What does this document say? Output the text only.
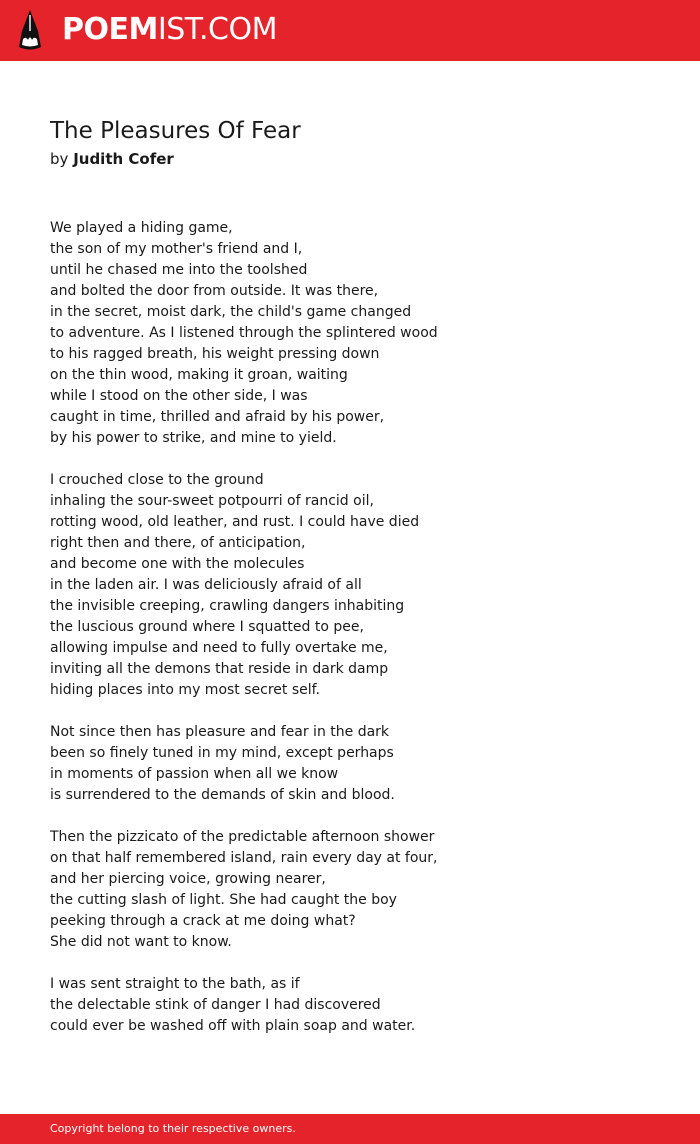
POEMIST.COM
The Pleasures Of Fear
by Judith Cofer
We played a hiding game,
the son of my mother's friend and I,
until he chased me into the toolshed
and bolted the door from outside. It was there,
in the secret, moist dark, the child's game changed
to adventure. As I listened through the splintered wood
to his ragged breath, his weight pressing down
on the thin wood, making it groan, waiting
while I stood on the other side, I was
caught in time, thrilled and afraid by his power,
by his power to strike, and mine to yield.
I crouched close to the ground
inhaling the sour-sweet potpourri of rancid oil,
rotting wood, old leather, and rust. I could have died
right then and there, of anticipation,
and become one with the molecules
in the laden air. I was deliciously afraid of all
the invisible creeping, crawling dangers inhabiting
the luscious ground where I squatted to pee,
allowing impulse and need to fully overtake me,
inviting all the demons that reside in dark damp
hiding places into my most secret self.
Not since then has pleasure and fear in the dark
been so finely tuned in my mind, except perhaps
in moments of passion when all we know
is surrendered to the demands of skin and blood.
Then the pizzicato of the predictable afternoon shower
on that half remembered island, rain every day at four,
and her piercing voice, growing nearer,
the cutting slash of light. She had caught the boy
peeking through a crack at me doing what?
She did not want to know.
I was sent straight to the bath, as if
the delectable stink of danger I had discovered
could ever be washed off with plain soap and water.
Copyright belong to their respective owners.
